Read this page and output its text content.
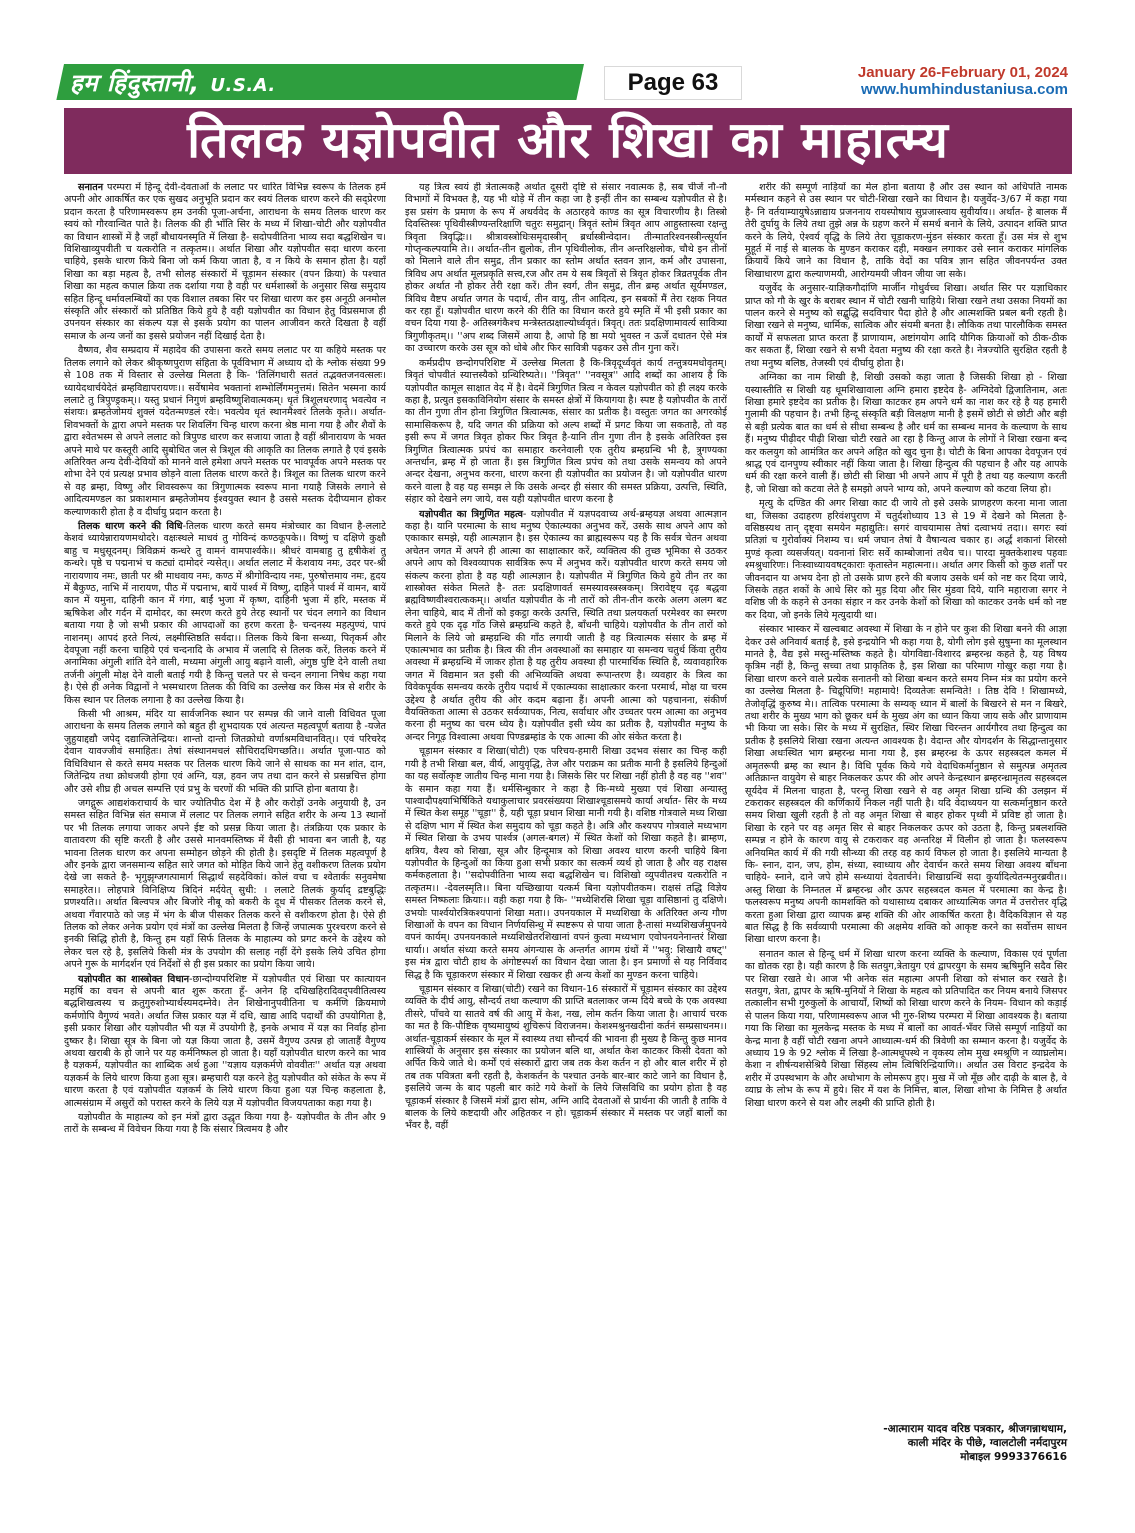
हम हिंदुस्तानी, U.S.A.	Page 63	January 26-February 01, 2024
www.humhindustaniusa.com
तिलक यज्ञोपवीत और शिखा का माहात्म्य

सनातन परम्परा में हिन्दू देवी-देवताओं के ललाट पर धारित विभिन्न स्वरूप के तिलक हमें अपनी ओर आकर्षित कर एक सुखद अनुभूति प्रदान कर स्वयं तिलक धारण करने की सद्प्रेरणा प्रदान करता है परिणामस्वरूप हम उनकी पूजा-अर्चना, आराधना के समय तिलक धारण कर स्वयं को गौरवान्वित पाते है। तिलक की ही भाँति सिर के मध्य में शिखा-चोटी और यज्ञोपवीत का विधान शास्त्रों में है जहाँ बौधायनस्मृति में लिखा है- सदोपवीतिना भाव्य सदा बद्धशिखेन च। विशिखाव्युपवीती च यत्करोति न तत्कृतम।। अर्थात शिखा और यज्ञोपवीत सदा धारण करना चाहिये, इसके धारण किये बिना जो कर्म किया जाता है, व न किये के समान होता है। यहाँ शिखा का बड़ा महत्व है, तभी सोलह संस्कारों में चूड़ामन संस्कार (वपन क्रिया) के पश्चात शिखा का महत्व कपाल क्रिया तक दर्शाया गया है वही पर धर्मशास्त्रों के अनुसार सिख समुदाय सहित हिन्दू धर्मावलम्बियों का एक विशाल तबका सिर पर शिखा धारण कर इस अनूठी अनमोल संस्कृति और संस्कारों को प्रतिष्ठित किये हुये है वही यज्ञोपवीत का विधान हेतु विप्रसमाज ही उपनयन संस्कार का संकल्प यज्ञ से इसके प्रयोग का पालन आजीवन करते दिखता है वहीं समाज के अन्य जनों का इससे प्रयोजन नहीं दिखाई देता है।

वैष्णव, शैव सम्प्रदाय में महादेव की उपासना करते समय ललाट पर या कहिये मस्तक पर तिलक लगाने को लेकर श्रीकृष्णपुराण संहिता के पूर्वविभाग में अध्याय दो के श्लोक संख्या 99 से 108 तक में विस्तार से उल्लेख मिलता है कि- 'तिलिंगधारी सततं तद्भक्तजनवत्सलः। ध्यायेदथार्चयेदेतं ब्रम्हविद्यापरायणः।। सर्वेषामेव भक्तानां शम्भोर्लिंगमनुत्तमं। सितेन भस्मना कार्य ललाटे तु त्रिपुण्ड्रकम्।। यस्तु प्रधानं निगुणं ब्रम्हविष्णुशिवात्मकम्। धृतं त्रिशूलधरणाद् भवत्येव न संशयः। ब्रम्हतेजोमयं शुक्लं यदेतन्मण्डलं रवेः। भवत्येव धृतं स्थानमैश्वरं तिलके कृते।। अर्थात- शिवभक्तों के द्वारा अपने मस्तक पर शिवलिंग चिन्ह धारण करना श्रेष्ठ माना गया है और शैवों के द्वारा श्वेतभस्म से अपने ललाट को त्रिपुण्ड धारण कर सजाया जाता है वहीं श्रीनारायण के भक्त अपने माथे पर कस्तूरी आदि सुबोधित जल से त्रिशूल की आकृति का तिलक लगाते है एवं इसके अतिरिक्त अन्य देवी-देवियों को मानने वाले हमेशा अपने मस्तक पर भावपूर्वक अपने मस्तक पर शोभा देने एवं प्रत्यक्ष प्रभाव छोड़ने वाला तिलक धारण करते है। त्रिशूल का तिलक धारण करने से वह ब्रम्हा, विष्णु और शिवस्वरूप का त्रिगुणात्मक स्वरूप माना गयाहै जिसके लगाने से आदित्यमण्डल का प्रकाशमान ब्रम्हतेजोमय ईश्वयुक्त स्थान है उससे मस्तक देदीप्यमान होकर कल्याणकारी होता है व दीर्घायु प्रदान करता है।

तिलक धारण करने की विधि-तिलक धारण करते समय मंत्रोच्चार का विधान है-ललाटे केशवं ध्यायेन्नारायणमथोदरे। वक्षःस्थले माधवं तु गोविन्दं कण्ठकूपके।। विष्णुं च दक्षिणे कुक्षौ बाहु च मधुसूदनम्। त्रिविक्रमं कन्धरे तु वामनं वामपार्श्वके।। श्रीधरं वामबाहु तु हृषीकेशं तु कन्धरे। पृष्ठे च पद्मनाभं च कट्यां दामोदरं न्यसेत्।। अर्थात ललाट में केशवाय नमः, उदर पर-श्री नारायणाय नमः, छाती पर श्री माधवाय नमः, कण्ठ में श्रीगोविन्दाय नमः, पुरुषोत्तमाय नमः, हृदय में बैकुण्ठ, नाभि में नारायण, पीठ में पद्मनाभ, बायें पार्श्व में विष्णु, दाहिने पार्श्व में वामन, बायें कान में यमुना, दाहिनी कान में गंगा, बाईं भुजा में कृष्ण, दाहिनी भुजा में हरि, मस्तक में ऋषिकेश और गर्दन में दामोदर, का स्मरण करते हुये तेरह स्थानों पर चंदन लगाने का विधान बताया गया है जो सभी प्रकार की आपदाओं का हरण करता है- चन्दनस्य महत्पुण्यं, पापं नाशनम्। आपदं हरते नित्यं, लक्ष्मीस्तिष्ठति सर्वदा।। तिलक किये बिना सन्ध्या, पितृकर्म और देवपूजा नहीं करना चाहिये एवं चन्दनादि के अभाव में जलादि से तिलक करें, तिलक करने में अनामिका अंगुली शांति देने वाली, मध्यमा अंगुली आयु बढ़ाने वाली, अंगुष्ठ पुष्टि देने वाली तथा तर्जनी अंगुली मोक्ष देने वाली बताई गयी है किन्तु चलते पर से चन्दन लगाना निषेध कहा गया है। ऐसे ही अनेक विद्वानों ने भस्मधारण तिलक की विधि का उल्लेख कर किस मंत्र से शरीर के किस स्थान पर तिलक लगाना है का उल्लेख किया है।

किसी भी आश्रम, मंदिर या सार्वजनिक स्थान पर सम्पन्न की जाने वाली विधिवत पूजा आराधना के समय तिलक लगाने को बहुत ही शुभदायक एवं अत्यन्त महत्वपूर्ण बताया है -यजेत जुहुयाद्दद्यौ जपेद् दद्यात्जितेन्द्रियः। शान्तो दान्तो जितक्रोधो वर्णाश्रमविधानवित्।। एवं परिचरेद देवान यावज्जीवं समाहितः। तेषां संस्थानमचलं सौचिरादधिगच्छति।। अर्थात पूजा-पाठ को विधिविधान से करते समय मस्तक पर तिलक धारण किये जाने से साधक का मन शांत, दान, जितेन्द्रिय तथा क्रोधजयी होगा एवं अग्नि, यज्ञ, हवन जप तथा दान करने से प्रसन्नचित्त होगा और उसे शीघ्र ही अचल सम्पत्ति एवं प्रभु के चरणों की भक्ति की प्राप्ति होना बताया है।

जगद्गुरू आद्यशंकराचार्य के चार ज्योतिपीठ देश में है और करोड़ों उनके अनुयायी है, उन समस्त सहित विभिन्न संत समाज में ललाट पर तिलक लगाने सहित शरीर के अन्य 13 स्थानों पर भी तिलक लगाया जाकर अपने ईष्ट को प्रसन्न किया जाता है। तंत्रक्रिया एक प्रकार के वातावरण की सृष्टि करती है और उससे मानवमस्तिष्क में वैसी ही भावना बन जाती है, यह भावना तिलक धारण कर अपना सम्मोहन छोड़ने की होती है। इसदृष्टि में तिलक महत्वपूर्ण है और इनके द्वारा जनसमान्य सहित सारे जगत को मोहित किये जाने हेतु वशीकरण तिलक प्रयोग देखे जा सकते है- भृगुझृग्जगत्पामार्ग सिद्धार्थं सहदेविकां। कोलं वचा च श्वेतार्कः सनुवमेषा समाहरेत।। लोहपात्रे विनिक्षिप्य त्रिदिनं मर्दयेत् सुधी: । ललाटे तिलकं कुर्याद् द्रष्टबुद्धिः प्रणश्यति।। अर्थात बिल्वपत्र और बिजोरे नीबू को बकरी के दूध में पीसकर तिलक करने से, अथवा गँवारपाठे को जड़ में भंग के बीज पीसकर तिलक करने से वशीकरण होता है। ऐसे ही तिलक को लेकर अनेक प्रयोग एवं मंत्रों का उल्लेख मिलता है जिन्हें जपात्मक पुरश्चरण करने से इनकी सिद्धि होती है, किन्तु हम यहाँ सिर्फ तिलक के माहात्म्य को प्रगट करने के उद्देश्य को लेकर चल रहे है, इसलिये किसी मंत्र के उपयोग की सलाह नहीं देंगे इसके लिये उचित होगा अपने गुरू के मार्गदर्शन एवं निर्देशों से ही इस प्रकार का प्रयोग किया जाये।

यज्ञोपवीत का शास्त्रोक्त विधान-छान्दोग्यपरिशिष्ट में यज्ञोपवीत एवं शिखा पर कात्यायन महर्षि का वचन से अपनी बात शुरू करता हूँ- अनेन हि दधिखहिरादिवद्पवीतित्वस्य बद्धशिखत्वस्य च क्रतुगुरुशोभ्यार्थस्यमदम्नेवे। तेन शिखेनानुपवीतिना च कर्मणि क्रियमाणे कर्मणोपि वैगुण्यं भवते। अर्थात जिस प्रकार यज्ञ में दधि, खाद्य आदि पदार्थों की उपयोगिता है, इसी प्रकार शिखा और यज्ञोपवीत भी यज्ञ में उपयोगी है, इनके अभाव में यज्ञ का निर्वाह होना दुष्कर है। शिखा सूत्र के बिना जो यज्ञ किया जाता है, उसमें वैगुण्य उत्पन्न हो जाताहैं वैगुण्य अथवा खराबी के हो जाने पर यह कर्मनिष्फल हो जाता है। यहाँ यज्ञोपवीत धारण करने का भाव है यज्ञकर्म, यज्ञोपवीत का शाब्दिक अर्थ हुआ ''यज्ञाय यज्ञकर्मणे वोववीतः'' अर्थात यज्ञ अथवा यज्ञकर्म के लिये धारण किया हुआ सूत्र। ब्रम्हचारी यज्ञ करने हेतु यज्ञोपवीत को संकेत के रूप में धारण करता है एवं यज्ञोपवीत यज्ञकर्म के लिये धारण किया हुआ यज्ञ चिन्ह कहलाता है, आत्मसंग्राम में असुरों को परास्त करने के लिये यज्ञ में यज्ञोपवीत विजयपताका कहा गया है।

यज्ञोपवीत के माहात्म्य को इन मंत्रों द्वारा उद्धृत किया गया है- यज्ञोपवीत के तीन और 9 तारों के सम्बन्ध में विवेचन किया गया है कि संसार त्रित्वमय है और

यह त्रित्व स्वयं ही त्रेतात्मकहै अर्थात दूसरी दृष्टि से संसार नवात्मक है, सब चीजें नौ-नौ विभागों में विभक्त है, यह भी थोड़े में तीन कहा जा है इन्हीं तीन का सम्बन्ध यज्ञोपवीत से है। इस प्रसंग के प्रमाण के रूप में अथर्ववेद के अठारहवे काण्ड का सूत्र विचारणीय है। तिस्त्रो दिवस्तिस्त्रः पृथिवीस्त्रीण्यन्तरिक्षाणि चतुरः समुद्रान्। त्रिवृतं स्तोमं त्रिवृत आप आहुस्तास्त्वा रक्षन्तु त्रिवृता त्रिवृद्भिः।। श्रीत्रावस्त्रोधिःसमृदास्त्रीन् ब्रर्धास्त्रीन्वेदान। तीन्मातरिश्वनस्त्रीन्त्सूर्यान गोप्तृन्कल्पयामि ते।। अर्थात-तीन द्युलोक, तीन पृथिवीलोक, तीन अन्तरिक्षलोक, चौथे इन तीनों को मिलाने वाले तीन समुद्र, तीन प्रकार का स्तोम अर्थात स्तवन ज्ञान, कर्म और उपासना, त्रिविध अप अर्थात मूलप्रकृति सत्त्व,रज और तम ये सब त्रिवृतों से त्रिवृत होकर त्रिव्रतपूर्वक तीन होकर अर्थात नौ होकर तेरी रक्षा करें। तीन स्वर्ग, तीन समुद्र, तीन ब्रम्ह अर्थात सूर्यमण्डल, त्रिविध वैष्टप अर्थात जगत के पदार्थ, तीन वायु, तीन आदित्य, इन सबकों मैं तेरा रक्षक नियत कर रहा हूँ। यज्ञोपवीत धारण करने की रीति का विधान करते हुये स्मृति में भी इसी प्रकार का वचन दिया गया है- अतिस्त्रगंकैश्च मन्त्रेस्तत्प्रक्षाल्योर्ध्ववृतं। त्रिवृत्। ततः प्रदक्षिणामावर्त्य सावित्र्या त्रिगुणीकृतम्।। ''अप शब्द जिसमें आया है, आपो हि ष्ठा मयो भुवस्त न ऊर्जे दधातन ऐसे मंत्र का उच्चारण करके उस सूत्र को धोबे और फिर सावित्री पढ़कर उसे तीन गुना करें।

कर्मप्रदीप छन्दोगपरिशिष्ट में उल्लेख मिलता है कि-त्रिवृदूर्ध्ववृतं कार्य तन्तुत्रयमधोवृतम्। त्रिवृतं चोपवीतं स्यात्तस्यैको ग्रन्थिरिष्यते।। ''त्रिवृत'' ''नवसूत्र'' आदि शब्दों का आशय है कि यज्ञोपवीत कामूल साक्षात वेद में है। वेदमें त्रिगुणित त्रित्व न केवल यज्ञोपवीत को ही लक्ष्य करके कहा है, प्रत्युत इसकाविनियोग संसार के समस्त क्षेत्रों में कियागया है। स्पष्ट है यज्ञोपवीत के तारों का तीन गुणा तीन होना त्रिगुणित त्रित्वात्मक, संसार का प्रतीक है। वस्तुतः जगत का अगरकोई सामासिकरूप है, यदि जगत की प्रक्रिया को अल्प शब्दों में प्रगट किया जा सकताहै, तो वह इसी रूप में जगत त्रिवृत होकर फिर त्रिवृत है-यानि तीन गुणा तीन है इसके अतिरिक्त इस त्रिगुणित त्रित्वात्मक प्रपंचं का समाहार करनेवाली एक तुरीय ब्रम्हग्रन्थि भी है, त्रुगण्यका अन्तर्धान, ब्रम्ह में हो जाता हैं। इस त्रिगुणित त्रित्व प्रपंच को तथा उसके समन्वय को अपने अन्दर देखना, अनुभव करना, धारण करना ही यज्ञोपवीत का प्रयोजन है। जो यज्ञोपवीत धारण करने वाला है वह यह समझ ले कि उसके अन्दर ही संसार की समस्त प्रक्रिया, उत्पत्ति, स्थिति, संहार को देखने लग जाये, वस यही यज्ञोपवीत धारण करना है

यज्ञोपवीत का त्रिगुणित महत्व- यज्ञोपवीत में यज्ञपदवाच्य अर्थ-ब्रम्हयज्ञ अथवा आत्मज्ञान कहा है। यानि परमात्मा के साथ मनुष्य ऐकात्म्यका अनुभव करें, उसके साथ अपने आप को एकाकार समझे, यही आत्मज्ञान है। इस ऐकात्म्य का ब्राह्मस्वरूप यह है कि सर्वत्र चेतन अथवा अचेतन जगत में अपने ही आत्मा का साक्षात्कार करें, व्यक्तित्व की तुच्छ भूमिका से उठकर अपने आप को विश्वव्यापक सार्वत्रिक रूप में अनुभव करें। यज्ञोपवीत धारण करते समय जो संकल्प करना होता है वह यही आत्मज्ञान है। यज्ञोपवीत में त्रिगुणित किये हुये तीन तर का शास्त्रोक्त संकेत मिलते है- ततः प्रदक्षिणावर्त समस्यावस्त्रस्त्रकम्। त्रिरावेष्ट्य दृढ़ बद्धवा ब्रह्मविष्णवीश्वरात्ककम्।। अर्थात यज्ञोपवीत के नौ तारों को तीन-तीन करके अलग अलग बट लेना चाहिये, बाद में तीनों को इकट्ठा करके उत्पत्ति, स्थिति तथा प्रलयकर्ता परमेश्वर का स्मरण करते हुये एक दृढ़ गाँठ जिसे ब्रम्हग्रन्थि कहते है, बाँधनी चाहिये। यज्ञोपवीत के तीन तारों को मिलाने के लिये जो ब्रम्हग्रन्थि की गाँठ लगायी जाती है वह त्रित्वात्मक संसार के ब्रम्ह में एकात्मभाव का प्रतीक है। त्रित्व की तीन अवस्थाओं का समाहार या समन्वय चतुर्थ किंवा तुरीय अवस्था में ब्रम्हग्रन्थि में जाकर होता है यह तुरीय अवस्था ही पारमार्थिक स्थिति है, व्यवावहारिक जगत में विद्यमान त्रत इसी की अभिव्यक्ति अथवा रूपान्तरण है। व्यवहार के त्रित्व का विवेकपूर्वक समन्वय करके तुरीय पदार्थ में एकात्म्यका साक्षात्कार करना परमार्थ, मोक्ष या चरम उद्देश्य है अर्थात तुरीय की ओर कदम बढ़ाना हैं। अपनी आत्मा को पहचानना, संकीर्ण वैयक्तिकता आत्मा से उठकर सर्वव्यापक, नित्य, सर्वाधार और उच्चतर परम आत्मा का अनुभव करना ही मनुष्य का चरम ध्येय है। यज्ञोपवीत इसी ध्येय का प्रतीक है, यज्ञोपवीत मनुष्य के अन्दर निगूढ़ विश्वात्मा अथवा पिण्डब्रम्हांड के एक आत्मा की ओर संकेत करता है।

चूड़ामन संस्कार व शिखा(चोटी) एक परिचय-हमारी शिखा उदभव संसार का चिन्ह कही गयी है तभी शिखा बल, वीर्य, आयुवृद्धि, तेज और पराक्रम का प्रतीक मानी है इसलिये हिन्दुओं का यह सर्वोत्कृष्ट जातीय चिन्ह माना गया है। जिसके सिर पर शिखा नहीं होती है वह वह ''शव'' के समान कहा गया हैं। धर्मसिन्धुकार ने कहा है कि-मध्ये मुख्या एवं शिखा अन्यास्तु पाश्वादौपक्ष्याभिर्षिकिते यथाकुलाचार प्रवरसंख्यया शिखाश्चूडासमये कार्या अर्थात- सिर के मध्य में स्थित केश समूह ''चूड़ा'' है, यही चूड़ा प्रधान शिखा मानी गयी है। वशिष्ठ गोत्रवाले मध्य शिखा से दक्षिण भाग में स्थित केश समुदाय को चूड़ा कहते है। अत्रि और कश्यपप गोत्रवाले मध्यभाग में स्थित शिखा के उभय पार्श्वत्र (अगल-बगल) में स्थित केशों को शिखा कहते है। ब्राम्हण, क्षत्रिय, वैश्य को शिखा, सूत्र और हिन्दूमात्र को शिखा अवश्य धारण करनी चाहिये बिना यज्ञोपवीत के हिन्दुओं का किया हुआ सभी प्रकार का सत्कर्म व्यर्थ हो जाता है और वह राक्षस कर्मकहलाता है। ''सदोपवीतिना भाव्य सदा बद्धशिखेन च। विशिखो व्युपवीतश्च यत्करोति न तत्कृतम।। -देवलस्मृति।। बिना यच्छिखाया यत्कर्म बिना यज्ञोपवीतकम। राक्षसं तद्धि विज्ञेय समस्त निष्फलाः क्रियाः।। वही कहा गया है कि- ''मध्येशिरसि शिखा चूड़ा वासिष्ठानां तु दक्षिणे। उभयोः पार्श्वयोरत्रिकश्यपानां शिखा मता।। उपनयकाल में मध्यशिखा के अतिरिक्त अन्य गौण शिखाओं के वपन का विधान निर्णयसिन्धु में स्पष्टरूप से पाया जाता है-तासां मध्यशिखर्जमुपनये वपनं कार्यम्। उपनयनकाले मध्यशिखेतरशिखानां वपनं कुत्वा मध्यभाग एवोपनयनेनान्तरं शिखा धार्या।। अर्थात संध्या करते समय अंगन्यास के अन्तर्गत आगम ग्रंथों में ''भवु: शिखायै वषट्'' इस मंत्र द्वारा चोटी हाथ के अंगोष्टस्पर्श का विधान देखा जाता है। इन प्रमाणों से यह निर्विवाद सिद्ध है कि चूड़ाकरण संस्कार में शिखा रखकर ही अन्य केशों का मुण्डन करना चाहिये।

चूड़ामन संस्कार व शिखा(चोटी) रखने का विधान-16 संस्कारों में चूड़ामन संस्कार का उद्देश्य व्यक्ति के दीर्घ आयु, सौन्दर्य तथा कल्याण की प्राप्ति बतलाकर जन्म दिये बच्चे के एक अवस्था तीसरे, पाँचवे या सातवे वर्ष की आयु में केश, नख, लोम कर्तन किया जाता है। आचार्य चरक का मत है कि-पौष्टिक वृष्यमायुष्यं शुचिरूपं विराजनम। केशश्मश्रुनखदीनां कर्तनं सम्प्रसाधनम।। अर्थात-चूड़ाकर्म संस्कार के मूल में स्वास्थ्य तथा सौन्दर्य की भावना ही मुख्य है किन्तु कुछ मानव शास्त्रियों के अनुसार इस संस्कार का प्रयोजन बलि था, अर्थात केश काटकर किसी देवता को अर्पित किये जाते थे। कर्मों एवं संस्कारों द्वारा जब तक केश कर्तन न हो और बाल शरीर में हो तब तक पवित्रता बनी रहती है, केशकर्तन के पश्चात उनके बार-बार काटे जाने का विधान है, इसलिये जन्म के बाद पहली बार कांटे गये केशों के लिये जिसविधि का प्रयोग होता है वह चूड़ाकर्म संस्कार है जिसमें मंत्रों द्वारा सोम, अग्नि आदि देवताओं से प्रार्थना की जाती है ताकि वे बालक के लिये कष्टदायी और अहितकर न हो। चूड़ाकर्म संस्कार में मस्तक पर जहाँ बालों का भँवर है, वहीं

शरीर की सम्पूर्ण नाड़ियों का मेल होना बताया है और उस स्थान को अधिपति नामक मर्मस्थान कहने से उस स्थान पर चोटी-शिखा रखने का विधान है। यजुर्वेद-3/67 में कहा गया है- नि वर्तयाम्यायुषेऽन्नाद्याय प्रजननाय रायस्पोषाय सुप्रजास्त्वाय सुवीर्याय।। अर्थात- हे बालक मैं तेरी दुर्घायु के लिये तथा तुझे अन्न के ग्रहण करने में समर्थ बनाने के लिये, उत्पादन शक्ति प्राप्त करने के लिये, ऐश्वर्य वृद्धि के लिये तेरा चूड़ाकरण-मुंडन संस्कार करता हूँ। उस मंत्र से शुभ मुहूर्त में नाई से बालक के मुण्डन कराकर दही, मक्खन लगाकर उसे स्नान कराकर मांगलिक क्रियायें किये जाने का विधान है, ताकि वेदों का पवित्र ज्ञान सहित जीवनपर्यन्त उक्त शिखाधारण द्वारा कल्याणमयी, आरोग्यमयी जीवन जीया जा सके।

यजुर्वेद के अनुसार-याज्ञिकगौदांणि मार्जीन गोधुर्वच्च शिखा। अर्थात सिर पर यज्ञाधिकार प्राप्त को गौ के खुर के बराबर स्थान में चोटी रखनी चाहिये। शिखा रखने तथा उसका नियमों का पालन करने से मनुष्य को सद्बुद्धि सदविचार पैदा होते है और आत्मशक्ति प्रबल बनी रहती है। शिखा रखने से मनुष्य, धार्मिक, सात्विक और संयमी बनता है। लौकिक तथा पारलौकिक समस्त कार्यों में सफलता प्राप्त करता हैं प्राणायाम, अष्टांगयोग आदि यौगिक क्रियाओं को ठीक-ठीक कर सकता हैं, शिखा रखने से सभी देवता मनुष्य की रक्षा करते है। नेत्रज्योति सुरक्षित रहती है तथा मनुष्य बलिष्ठ, तेजस्वी एवं दीर्घायु होता है।

अग्निका का नाम शिखी है, शिखी उसको कहा जाता है जिसकी शिखा हो - शिखा यस्यास्तीति स शिखी यह धूमशिखावाला अग्नि हमारा इष्टदेव है- अग्निदेवो द्विजातिनाम, अतः शिखा हमारे इष्टदेव का प्रतीक है। शिखा काटकर हम अपने धर्म का नाश कर रहे है यह हमारी गुलामी की पहचान है। तभी हिन्दू संस्कृति बड़ी विलक्षण मानी है इसमें छोटी से छोटी और बड़ी से बड़ी प्रत्येक बात का धर्म से सीधा सम्बन्ध है और धर्म का सम्बन्ध मानव के कल्याण के साथ हैं। मनुष्य पीढ़ीदर पीढ़ी शिखा चोटी रखते आ रहा है किन्तु आज के लोगों ने शिखा रखना बन्द कर कलयुग को आमंत्रित कर अपने अहित को खुद चुना है। चोटी के बिना आपका देवपूजन एवं श्राद्ध एवं दानपुण्य स्वीकार नहीं किया जाता है। शिखा हिन्दुत्व की पहचान है और यह आपके धर्म की रक्षा करने वाली हैं। छोटी सी शिखा भी अपने आप में पूरी है तथा यह कल्याण करती है, जो शिखा को कटवा लेते है समझो अपने भाग्य को, अपने कल्याण को कटवा लिया हो।

मृत्यु के दण्डित की अगर शिखा काट दी जाये तो इसे उसके प्राणहरण करना माना जाता था, जिसका उदाहरण हरिवंशपुराण में चतुर्दशोध्याय 13 से 19 में देखने को मिलता है-वसिष्ठस्यथ तान् दृष्ट्वा समयेन महाद्युतिः। सगरं वाचयामास तेषां दत्वाभयं तदा।। सगरः स्वां प्रतिज्ञां च गुरोर्वाक्यं निशम्य च। धर्म जघान तेषां वै वैषान्यत्व चकार ह। अर्द्धं शकानां शिरसो मुण्डं कृत्वा व्यसर्जयत्। यवनानां शिरः सर्वे काम्बोजानां तथैव च।। पारदा मुक्तकेशाश्च पहवाः श्मश्रुधारिणः। निःस्वाध्यायवषट्काराः कृतास्तेन महात्मना।। अर्थात अगर किसी को कुछ शर्तों पर जीवनदान या अभय देना हो तो उसके प्राण हरने की बजाय उसके धर्म को नष्ट कर दिया जाये, जिसके तहत शकों के आधे सिर को मुड़ दिया और सिर मुंडवा दिये, यानि महाराजा सगर ने वशिष्ठ जी के कहने से उनका संहार न कर उनके केशों को शिखा को काटकर उनके धर्म को नष्ट कर दिया, जो इनके लिये मृत्युदायी था।

संस्कार भास्कर में खल्वबाट अवस्था में शिखा के न होने पर कुश की शिखा बनने की आज्ञा देकर उसे अनिवार्य बताई है, इसे इन्द्रयोनि भी कहा गया है, योगी लोग इसे सुषुम्ना का मूलस्थान मानते है, वैद्य इसे मस्तु-मस्तिष्क कहते है। योगविद्या-विशारद ब्रम्हरन्ध्र कहते है, यह विषय कृत्रिम नहीं है, किन्तु सच्चा तथा प्राकृतिक है, इस शिखा का परिमाण गोखुर कहा गया है। शिखा धारण करने वाले प्रत्येक सनातनी को शिखा बन्धन करते समय निम्न मंत्र का प्रयोग करने का उल्लेख मिलता है- चिद्रूपिणि! महामाये! दिव्यतेजः समन्विते! । तिष्ठ देवि ! शिखामध्ये, तेजोवृद्धिं कुरुष्व मे।। तात्विक परमात्मा के सम्यक् ध्यान में बालों के बिखरने से मन न बिखरे, तथा शरीर के मुख्य भाग को छूकर धर्म के मुख्य अंग का ध्यान किया जाय सके और प्राणायाम भी किया जा सके। सिर के मध्य में सुरक्षित, स्थिर शिखा चिरन्तन आर्यगौरव तथा हिन्दुत्व का प्रतीक है इसलिये शिखा रखना अत्यन्त आवश्यक है। वेदान्त और योगदर्शन के सिद्धान्तानुसार शिखा अधःस्थित भाग ब्रम्हरन्ध्र माना गया है, इस ब्रम्हरन्ध्र के ऊपर सहस्त्रदल कमल में अमृतरूपी ब्रम्ह का स्थान है। विधि पूर्वक किये गये वेदाधिकर्मानुष्ठान से समुत्पन्न अमृतत्व अतिक्रान्त वायुवेग से बाहर निकलकर ऊपर की ओर अपने केन्द्रस्थान ब्रम्हरन्ध्रामृतत्व सहस्त्रदल सूर्यदेव में मिलना चाहता है, परन्तु शिखा रखने से वह अमृत शिखा ग्रन्थि की उलझन में टकराकर सहस्त्रदल की कर्णिकायें निकल नहीं पाती है। यदि वेदाध्ययन या सत्कर्मानुष्ठान करते समय शिखा खुली रहती है तो वह अमृत शिखा से बाहर होकर पृथ्वी में प्रविष्ट हो जाता है। शिखा के रहने पर वह अमृत सिर से बाहर निकलकर ऊपर को उठता है, किन्तु प्रबलशक्ति सम्पन्न न होने के कारण वायु से टकराकर वह अन्तरिक्ष में विलीन हो जाता है। फलस्वरूप अनियमित कार्य में की गयी सौन्ध्या की तरह वह कार्य विफल हो जाता है। इसलिये मान्यता है कि- स्नान, दान, जप, होम, संध्या, स्वाध्याय और देवार्चन करते समय शिखा अवश्य बाँधना चाहिये- स्नाने, दाने जपे होमे सन्ध्यायां देवतार्चने। शिखाग्रन्थिं सदा कुर्यादित्येतन्मनुरब्रवीत।। अस्तु शिखा के निम्नतल में ब्रम्हरन्ध्र और ऊपर सहस्त्रदल कमल में परमात्मा का केन्द्र है। फलस्वरूप मनुष्य अपनी कामशक्ति को यथासाध्य दबाकर आध्यात्मिक जगत में उत्तरोत्तर वृद्धि करता हुआ शिखा द्वारा व्यापक ब्रम्ह शक्ति की ओर आकर्षित करता है। वैदिकविज्ञान से यह बात सिद्ध है कि सर्वव्यापी परमात्मा की अक्षमेय शक्ति को आकृष्ट करने का सर्वोत्तम साधन शिखा धारण करना है।

सनातन काल से हिन्दू धर्म में शिखा धारण करना व्यक्ति के कल्याण, विकास एवं पूर्णता का द्योतक रहा है। यही कारण है कि सतयुग,त्रेतायुग एवं द्वापरयुग के समय ऋषिमुनि सदैव सिर पर शिखा रखते थे। आज भी अनेक संत महात्मा अपनी शिखा को संभाल कर रखते है। सतयुग, त्रेता, द्वापर के ऋषि-मुनियों ने शिखा के महत्व को प्रतिपादित कर नियम बनाये जिसपर तत्कालीन सभी गुरुकुलों के आचार्यों, शिष्यों को शिखा धारण करने के नियम- विधान को कड़ाई से पालन किया गया, परिणामस्वरूप आज भी गुरु-शिष्य परम्परा में शिखा आवश्यक है। बताया गया कि शिखा का मूलकेन्द्र मस्तक के मध्य में बालों का आवर्त-भँवर जिसे सम्पूर्ण नाड़ियों का केन्द्र माना है वहीं चोटी रखना अपने आध्यात्म-धर्म की त्रिवेणी का सम्मान करना है। यजुर्वेद के अध्याय 19 के 92 श्लोक में लिखा है-आत्मधूपस्थे न वृकस्य लोम मुख श्मश्रूणि न व्याघ्रलोम। केशा न शीर्षन्यशसेश्रियै शिखा सिंहस्य लोम त्विषिरिन्द्रियाणि।। अर्थात उस विराट इन्द्रदेव के शरीर में उपस्थभाग के और अधोभाग के लोमरूप हुए। मुख में जो मूँछ और दाढ़ी के बाल है, वे व्याघ्र के लोभ के रूप में हुये। सिर में यश के निमित्त, बाल, शिखा शोभा के निमित्त है अर्थात शिखा धारण करने से यश और लक्ष्मी की प्राप्ति होती है।

-आत्माराम यादव वरिष्ठ पत्रकार, श्रीजगन्नाथधाम,
काली मंदिर के पीछे, ग्वालटोली नर्मदापुरम
मोबाइल 9993376616
